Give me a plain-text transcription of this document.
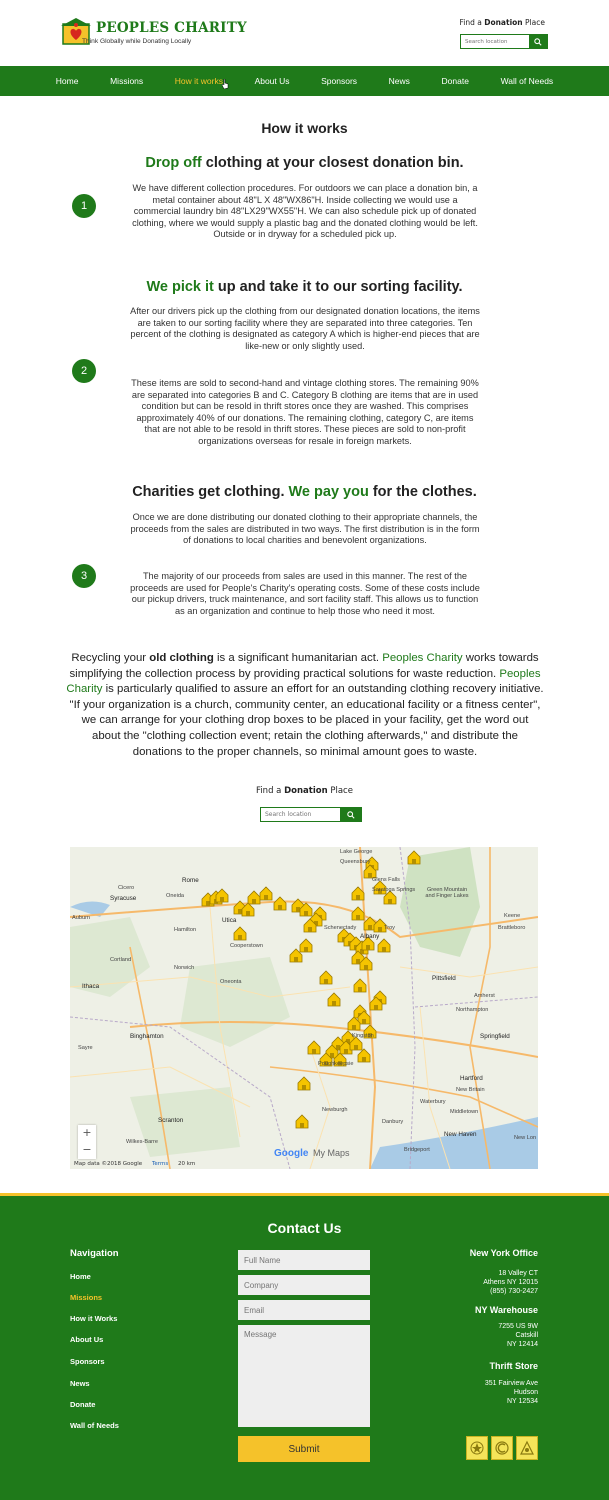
PEOPLES CHARITY
Think Globally while Donating Locally
Find a Donation Place
Search location
Home	Missions	How it works	About Us	Sponsors	News	Donate	Wall of Needs
How it works
Drop off clothing at your closest donation bin.
1

We have different collection procedures. For outdoors we can place a donation bin, a metal container about 48"L X 48"WX86"H. Inside collecting we would use a commercial laundry bin 48"LX29"WX55"H. We can also schedule pick up of donated clothing, where we would supply a plastic bag and the donated clothing would be left. Outside or in dryway for a scheduled pick up.

We pick it up and take it to our sorting facility.
2

After our drivers pick up the clothing from our designated donation locations, the items are taken to our sorting facility where they are separated into three categories. Ten percent of the clothing is designated as category A which is higher-end pieces that are like-new or only slightly used.

These items are sold to second-hand and vintage clothing stores. The remaining 90% are separated into categories B and C. Category B clothing are items that are in used condition but can be resold in thrift stores once they are washed. This comprises approximately 40% of our donations. The remaining clothing, category C, are items that are not able to be resold in thrift stores. These pieces are sold to non-profit organizations overseas for resale in foreign markets.

Charities get clothing. We pay you for the clothes.
3

Once we are done distributing our donated clothing to their appropriate channels, the proceeds from the sales are distributed in two ways. The first distribution is in the form of donations to local charities and benevolent organizations.

The majority of our proceeds from sales are used in this manner. The rest of the proceeds are used for People's Charity's operating costs. Some of these costs include our pickup drivers, truck maintenance, and sort facility staff. This allows us to function as an organization and continue to help those who need it most.

Recycling your old clothing is a significant humanitarian act. Peoples Charity works towards simplifying the collection process by providing practical solutions for waste reduction. Peoples Charity is particularly qualified to assure an effort for an outstanding clothing recovery initiative. "If your organization is a church, community center, an educational facility or a fitness center", we can arrange for your clothing drop boxes to be placed in your facility, get the word out about the "clothing collection event; retain the clothing afterwards," and distribute the donations to the proper channels, so minimal amount goes to waste.

Find a Donation Place
Search location
Lake George
Queensbury
Glens Falls
Saratoga Springs	Green Mountain and Finger Lakes
Rome
Oneida
Syracuse
Cicero
Auburn
Hamilton
Utica
Schenectady
Albany
Troy
Keene
Brattleboro
Cortland
Norwich
Cooperstown
Ithaca
Oneonta	Pittsfield
Amherst
Northampton
Springfield
Binghamton	Kingston
Sayre
Hartford
Poughkeepsie
New Britain
Waterbury
Middletown
Scranton
Newburgh
Danbury
New Haven
Wilkes-Barre
Bridgeport
New Lon
+
−	Google My Maps
Map data ©2018 Google Terms 20 km
Contact Us
Navigation
Home
Missions
How it Works
About Us
Sponsors
News
Donate
Wall of Needs
Full Name
Company
Email
Message
Submit
New York Office
18 Valley CT
Athens NY 12015
(855) 730-2427
NY Warehouse
7255 US 9W
Catskill
NY 12414
Thrift Store
351 Fairview Ave
Hudson
NY 12534
